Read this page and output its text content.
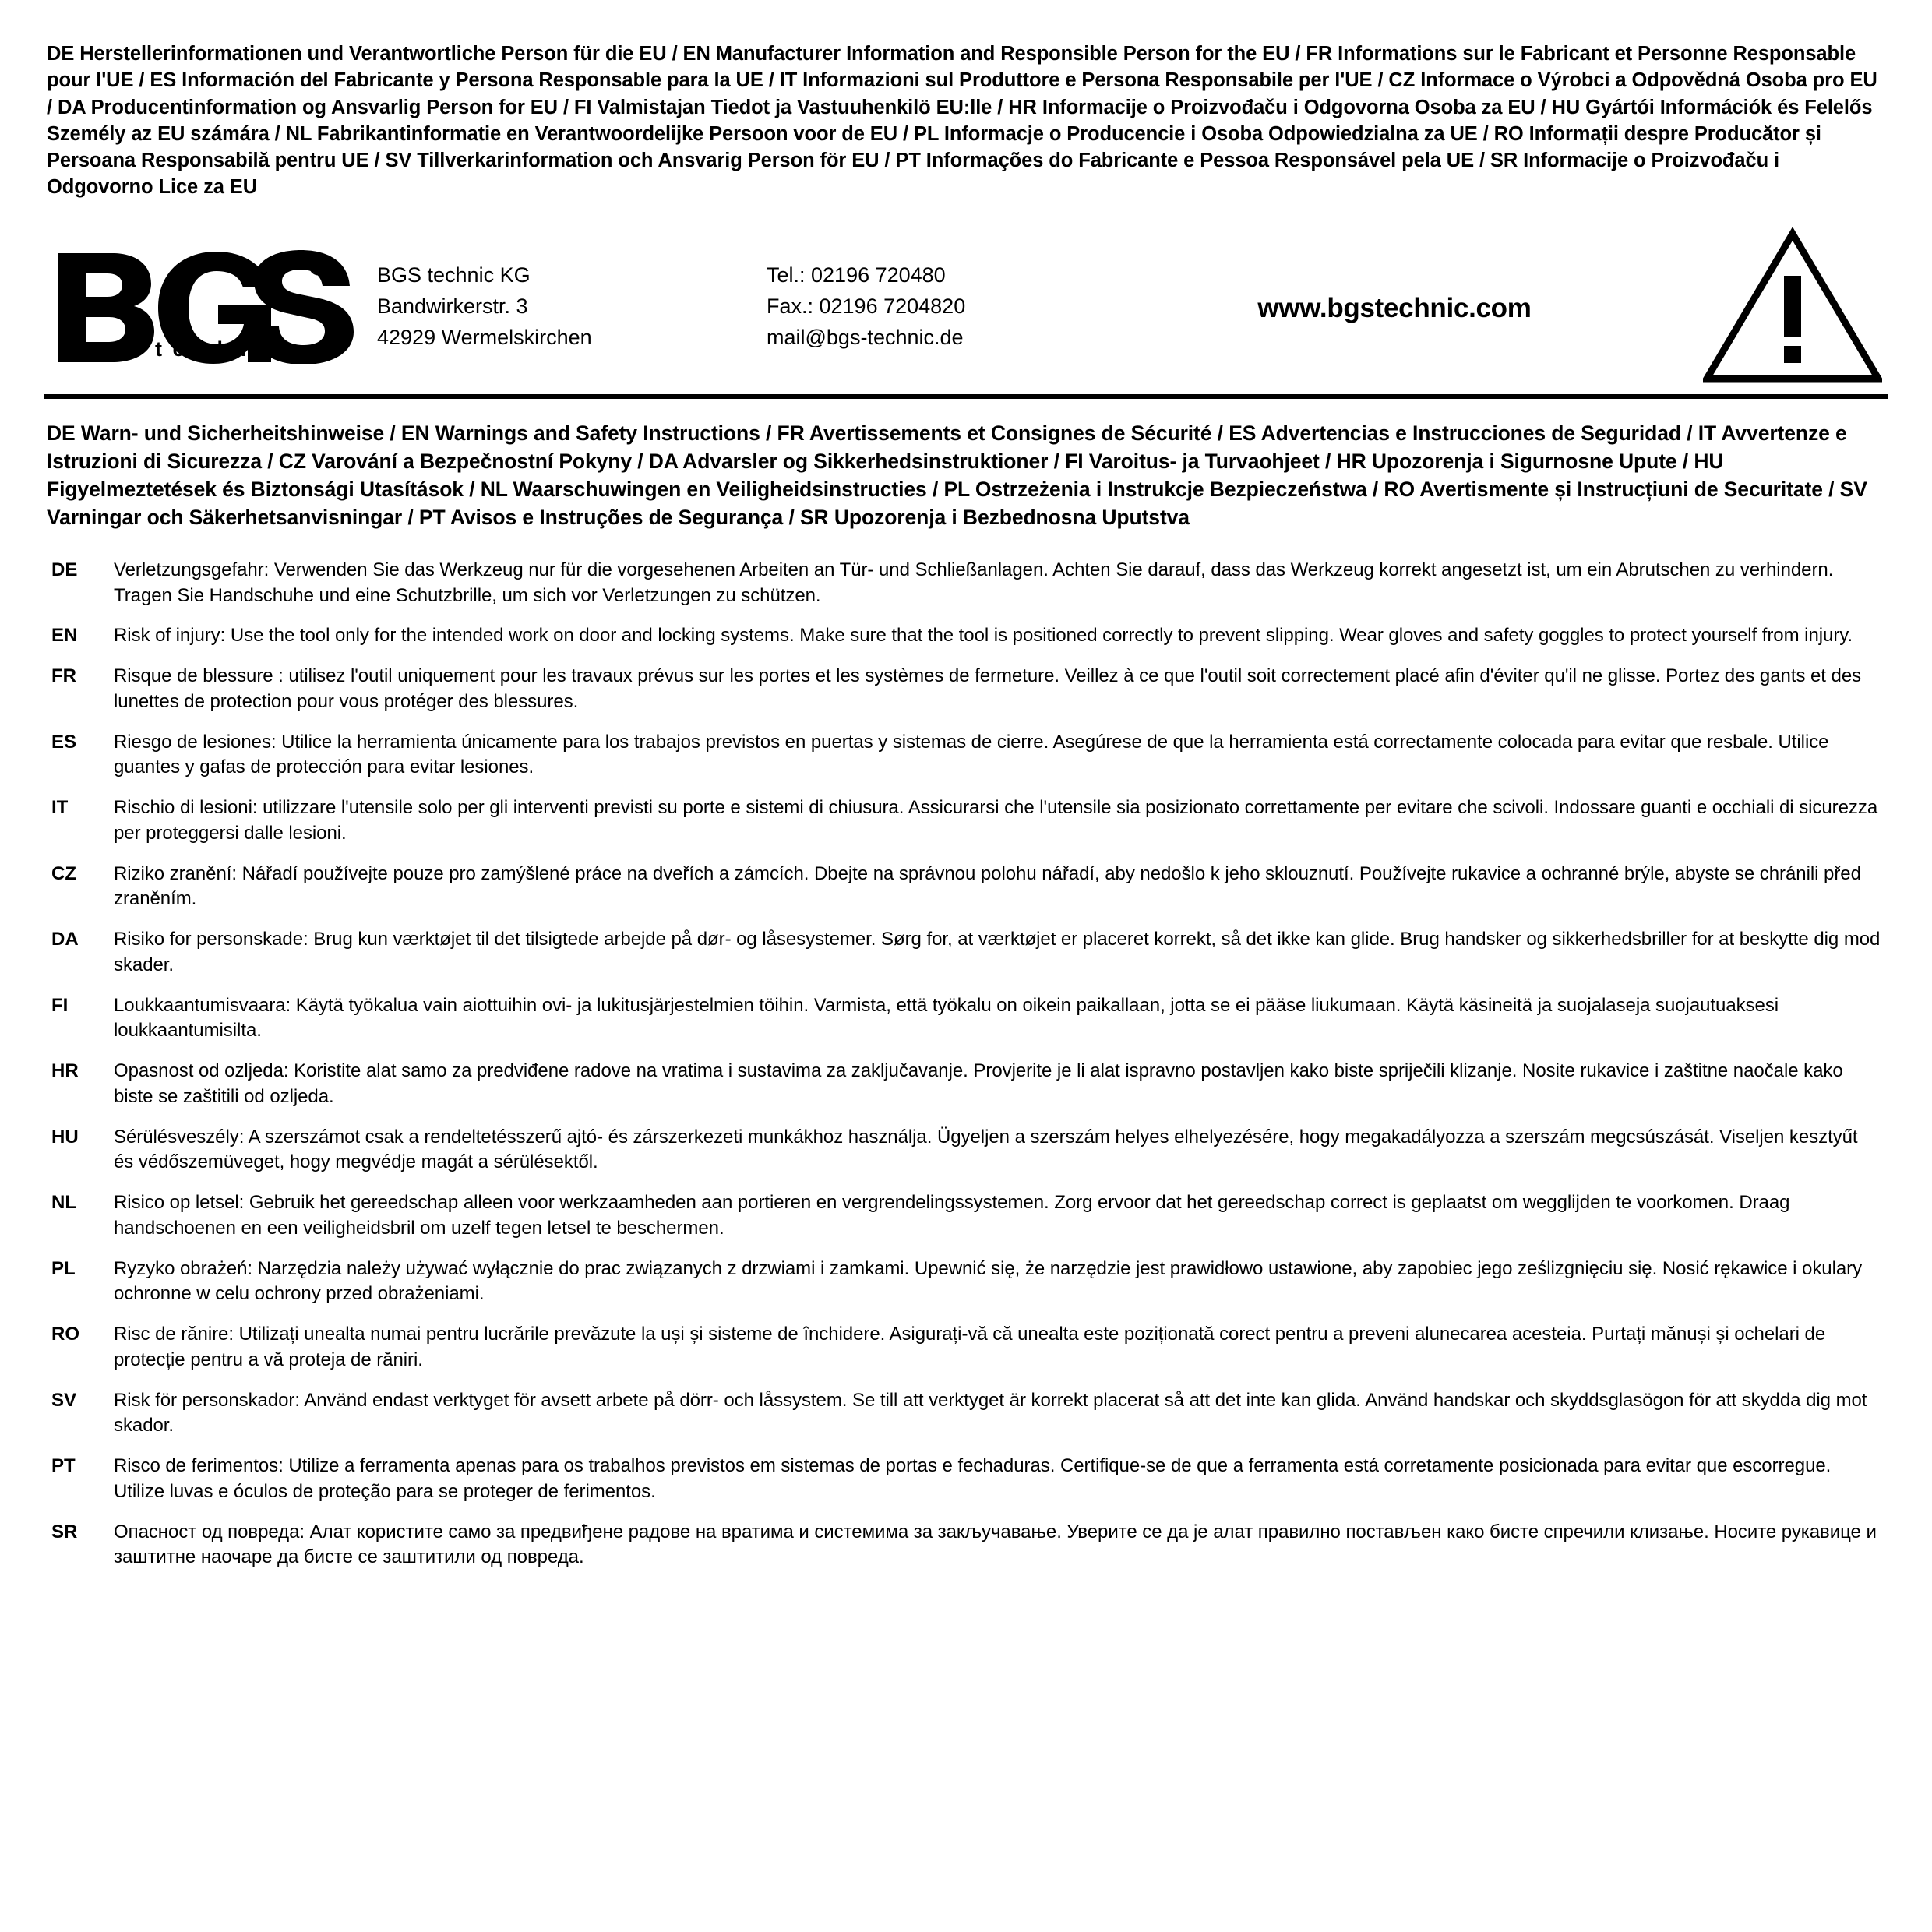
DE Herstellerinformationen und Verantwortliche Person für die EU / EN Manufacturer Information and Responsible Person for the EU / FR Informations sur le Fabricant et Personne Responsable pour l'UE / ES Información del Fabricante y Persona Responsable para la UE / IT Informazioni sul Produttore e Persona Responsabile per l'UE / CZ Informace o Výrobci a Odpovědná Osoba pro EU / DA Producentinformation og Ansvarlig Person for EU / FI Valmistajan Tiedot ja Vastuuhenkilö EU:lle / HR Informacije o Proizvođaču i Odgovorna Osoba za EU / HU Gyártói Információk és Felelős Személy az EU számára / NL Fabrikantinformatie en Verantwoordelijke Persoon voor de EU / PL Informacje o Producencie i Osoba Odpowiedzialna za UE / RO Informații despre Producător și Persoana Responsabilă pentru UE / SV Tillverkarinformation och Ansvarig Person för EU / PT Informações do Fabricante e Pessoa Responsável pela UE / SR Informacije o Proizvođaču i Odgovorno Lice za EU
®
t e c h n i c
BGS technic KG
Bandwirkerstr. 3
42929 Wermelskirchen
Tel.: 02196 720480
Fax.: 02196 7204820
mail@bgs-technic.de
www.bgstechnic.com
DE Warn- und Sicherheitshinweise / EN Warnings and Safety Instructions / FR Avertissements et Consignes de Sécurité / ES Advertencias e Instrucciones de Seguridad / IT Avvertenze e Istruzioni di Sicurezza / CZ Varování a Bezpečnostní Pokyny / DA Advarsler og Sikkerhedsinstruktioner / FI Varoitus- ja Turvaohjeet / HR Upozorenja i Sigurnosne Upute / HU Figyelmeztetések és Biztonsági Utasítások / NL Waarschuwingen en Veiligheidsinstructies / PL Ostrzeżenia i Instrukcje Bezpieczeństwa / RO Avertismente și Instrucțiuni de Securitate / SV Varningar och Säkerhetsanvisningar / PT Avisos e Instruções de Segurança / SR Upozorenja i Bezbednosna Uputstva
DE	Verletzungsgefahr: Verwenden Sie das Werkzeug nur für die vorgesehenen Arbeiten an Tür- und Schließanlagen. Achten Sie darauf, dass das Werkzeug korrekt angesetzt ist, um ein Abrutschen zu verhindern. Tragen Sie Handschuhe und eine Schutzbrille, um sich vor Verletzungen zu schützen.
EN	Risk of injury: Use the tool only for the intended work on door and locking systems. Make sure that the tool is positioned correctly to prevent slipping. Wear gloves and safety goggles to protect yourself from injury.
FR	Risque de blessure : utilisez l'outil uniquement pour les travaux prévus sur les portes et les systèmes de fermeture. Veillez à ce que l'outil soit correctement placé afin d'éviter qu'il ne glisse. Portez des gants et des lunettes de protection pour vous protéger des blessures.
ES	Riesgo de lesiones: Utilice la herramienta únicamente para los trabajos previstos en puertas y sistemas de cierre. Asegúrese de que la herramienta está correctamente colocada para evitar que resbale. Utilice guantes y gafas de protección para evitar lesiones.
IT	Rischio di lesioni: utilizzare l'utensile solo per gli interventi previsti su porte e sistemi di chiusura. Assicurarsi che l'utensile sia posizionato correttamente per evitare che scivoli. Indossare guanti e occhiali di sicurezza per proteggersi dalle lesioni.
CZ	Riziko zranění: Nářadí používejte pouze pro zamýšlené práce na dveřích a zámcích. Dbejte na správnou polohu nářadí, aby nedošlo k jeho sklouznutí. Používejte rukavice a ochranné brýle, abyste se chránili před zraněním.
DA	Risiko for personskade: Brug kun værktøjet til det tilsigtede arbejde på dør- og låsesystemer. Sørg for, at værktøjet er placeret korrekt, så det ikke kan glide. Brug handsker og sikkerhedsbriller for at beskytte dig mod skader.
FI	Loukkaantumisvaara: Käytä työkalua vain aiottuihin ovi- ja lukitusjärjestelmien töihin. Varmista, että työkalu on oikein paikallaan, jotta se ei pääse liukumaan. Käytä käsineitä ja suojalaseja suojautuaksesi loukkaantumisilta.
HR	Opasnost od ozljeda: Koristite alat samo za predviđene radove na vratima i sustavima za zaključavanje. Provjerite je li alat ispravno postavljen kako biste spriječili klizanje. Nosite rukavice i zaštitne naočale kako biste se zaštitili od ozljeda.
HU	Sérülésveszély: A szerszámot csak a rendeltetésszerű ajtó- és zárszerkezeti munkákhoz használja. Ügyeljen a szerszám helyes elhelyezésére, hogy megakadályozza a szerszám megcsúszását. Viseljen kesztyűt és védőszemüveget, hogy megvédje magát a sérülésektől.
NL	Risico op letsel: Gebruik het gereedschap alleen voor werkzaamheden aan portieren en vergrendelingssystemen. Zorg ervoor dat het gereedschap correct is geplaatst om wegglijden te voorkomen. Draag handschoenen en een veiligheidsbril om uzelf tegen letsel te beschermen.
PL	Ryzyko obrażeń: Narzędzia należy używać wyłącznie do prac związanych z drzwiami i zamkami. Upewnić się, że narzędzie jest prawidłowo ustawione, aby zapobiec jego ześlizgnięciu się. Nosić rękawice i okulary ochronne w celu ochrony przed obrażeniami.
RO	Risc de rănire: Utilizați unealta numai pentru lucrările prevăzute la uși și sisteme de închidere. Asigurați-vă că unealta este poziționată corect pentru a preveni alunecarea acesteia. Purtați mănuși și ochelari de protecție pentru a vă proteja de răniri.
SV	Risk för personskador: Använd endast verktyget för avsett arbete på dörr- och låssystem. Se till att verktyget är korrekt placerat så att det inte kan glida. Använd handskar och skyddsglasögon för att skydda dig mot skador.
PT	Risco de ferimentos: Utilize a ferramenta apenas para os trabalhos previstos em sistemas de portas e fechaduras. Certifique-se de que a ferramenta está corretamente posicionada para evitar que escorregue. Utilize luvas e óculos de proteção para se proteger de ferimentos.
SR	Опасност од повреда: Алат користите само за предвиђене радове на вратима и системима за закључавање. Уверите се да је алат правилно постављен како бисте спречили клизање. Носите рукавице и заштитне наочаре да бисте се заштитили од повреда.
